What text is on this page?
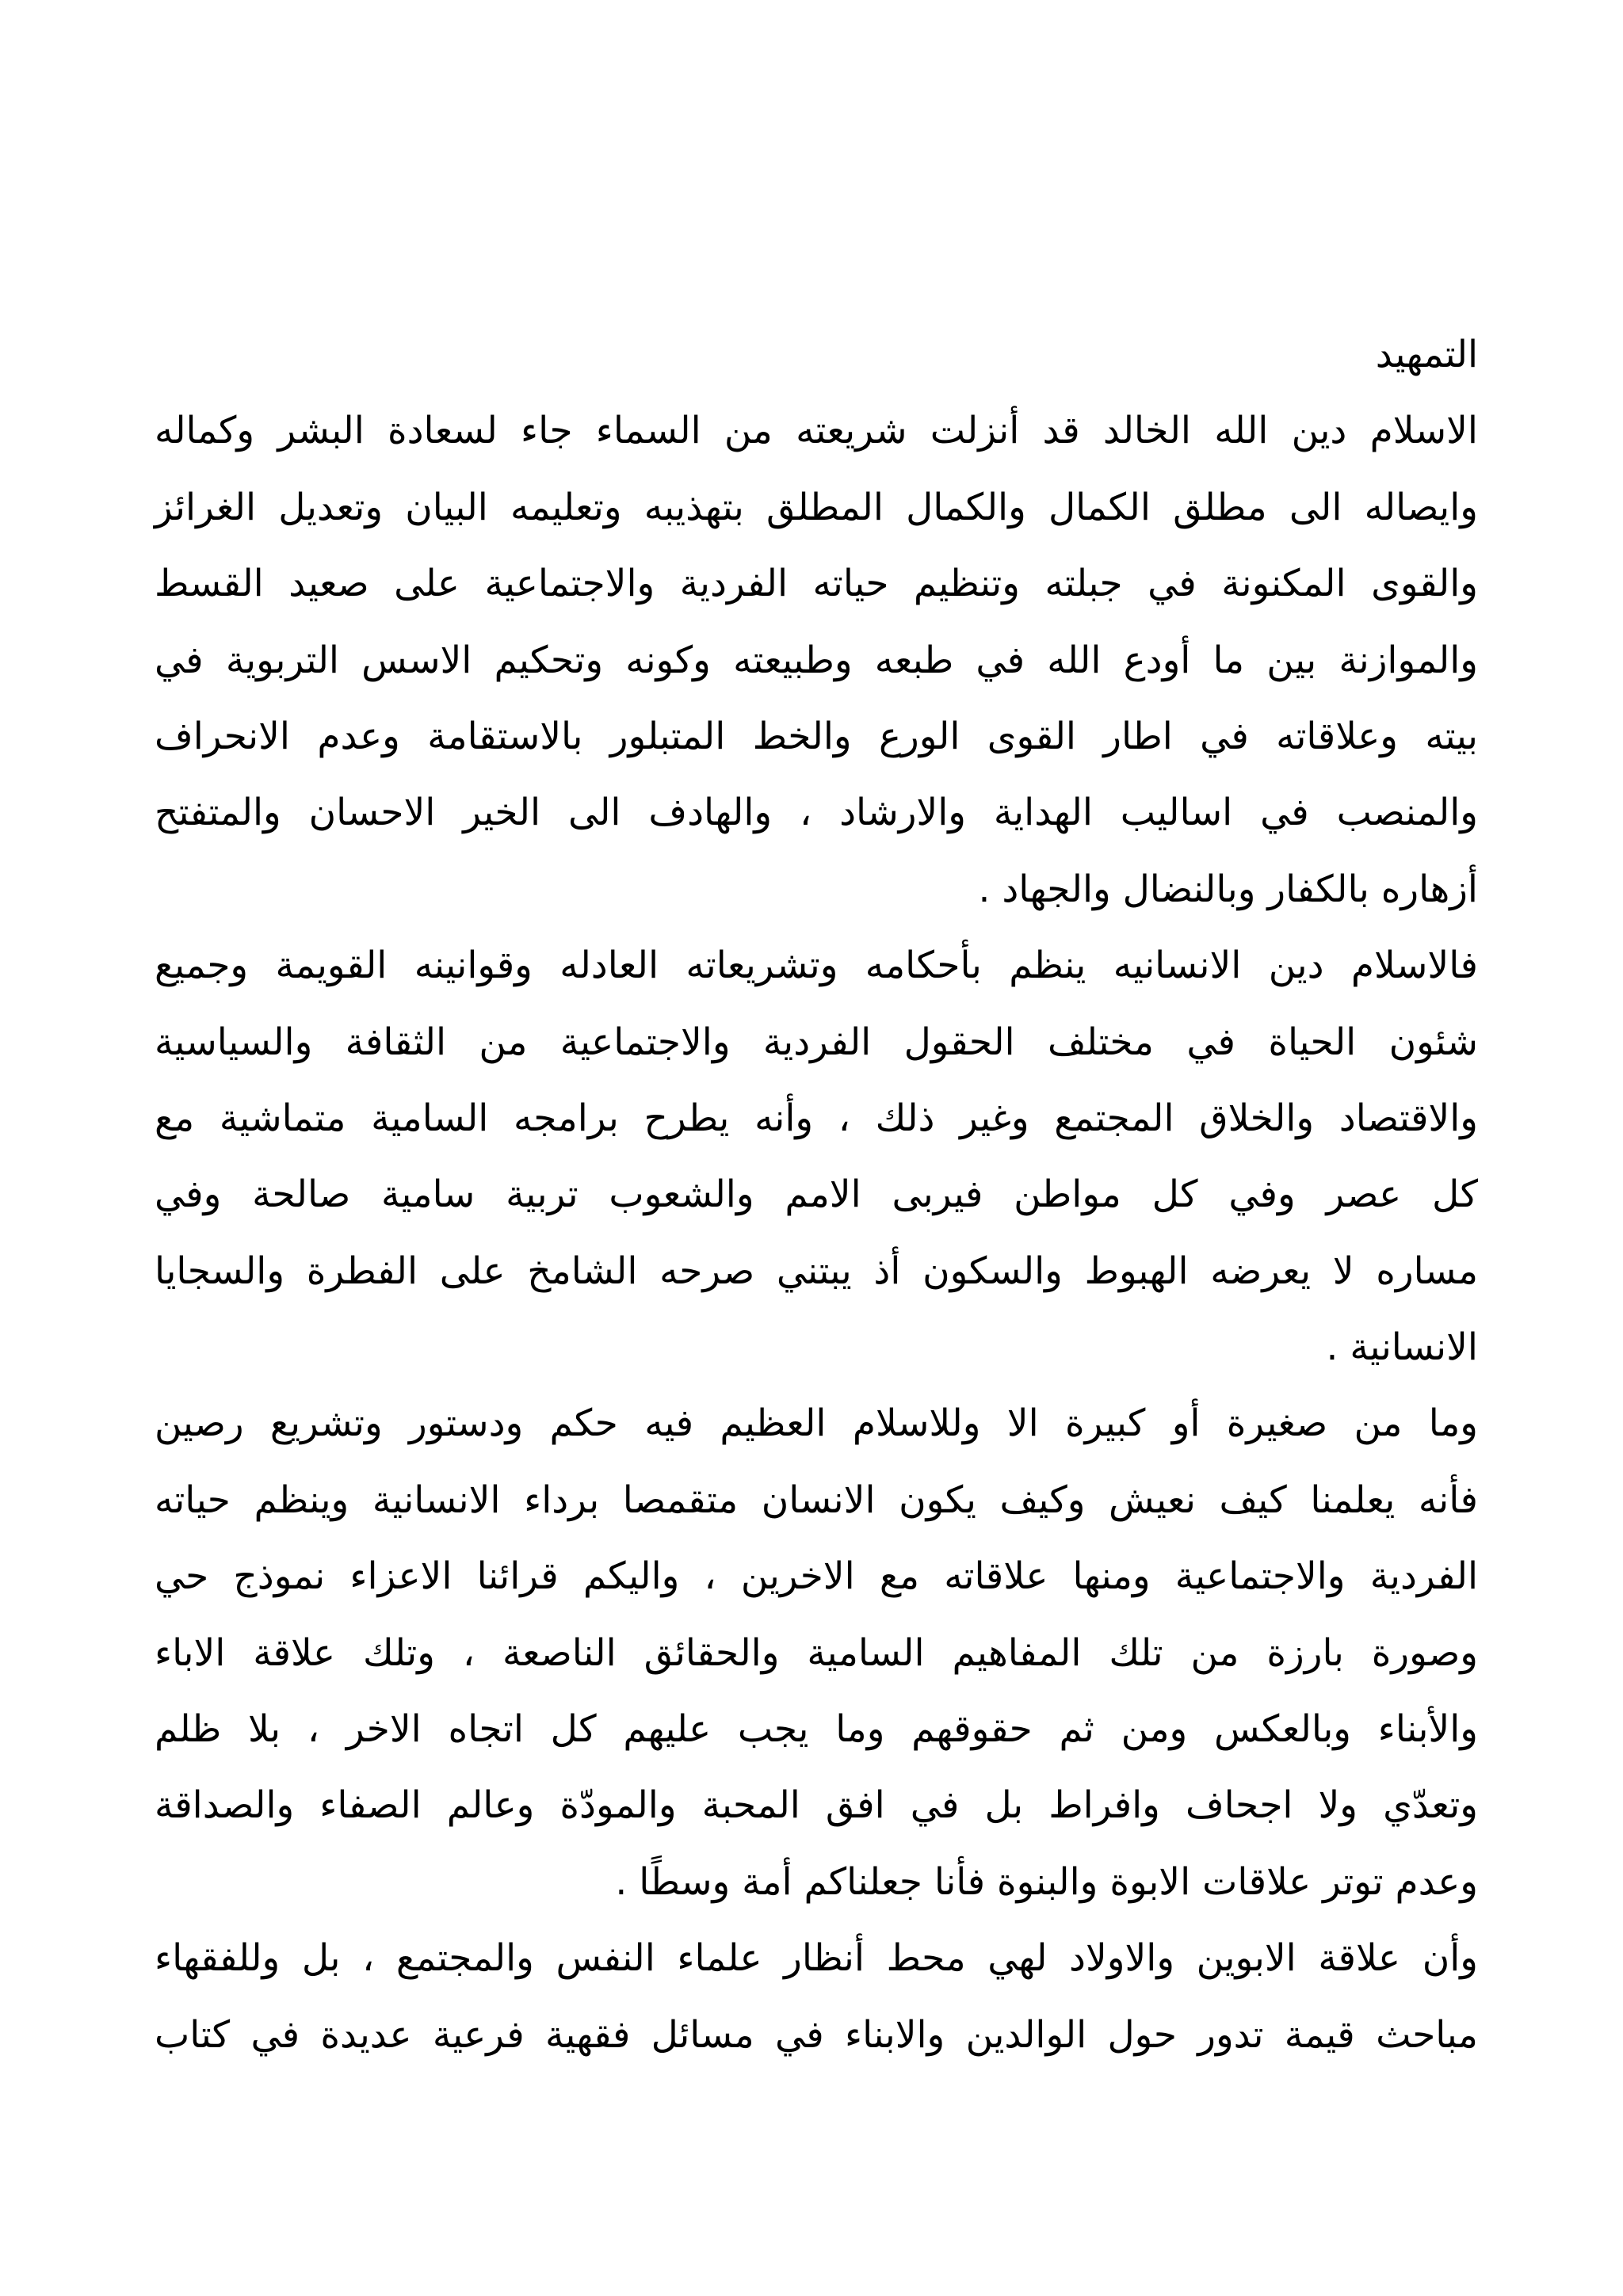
التمهيد
الاسلام دين الله الخالد قد أنزلت شريعته من السماء جاء لسعادة البشر وكماله
وايصاله الى مطلق الكمال والكمال المطلق بتهذيبه وتعليمه البيان وتعديل الغرائز
والقوى المكنونة في جبلته وتنظيم حياته الفردية والاجتماعية على صعيد القسط
والموازنة بين ما أودع الله في طبعه وطبيعته وكونه وتحكيم الاسس التربوية في
بيته وعلاقاته في اطار القوى الورع والخط المتبلور بالاستقامة وعدم الانحراف
والمنصب في اساليب الهداية والارشاد ، والهادف الى الخير الاحسان والمتفتح
أزهاره بالكفار وبالنضال والجهاد .
فالاسلام دين الانسانيه ينظم بأحكامه وتشريعاته العادله وقوانينه القويمة وجميع
شئون الحياة في مختلف الحقول الفردية والاجتماعية من الثقافة والسياسية
والاقتصاد والخلاق المجتمع وغير ذلك ، وأنه يطرح برامجه السامية متماشية مع
كل عصر وفي كل مواطن فيربى الامم والشعوب تربية سامية صالحة وفي
مساره لا يعرضه الهبوط والسكون أذ يبتني صرحه الشامخ على الفطرة والسجايا
الانسانية .
وما من صغيرة أو كبيرة الا وللاسلام العظيم فيه حكم ودستور وتشريع رصين
فأنه يعلمنا كيف نعيش وكيف يكون الانسان متقمصا برداء الانسانية وينظم حياته
الفردية والاجتماعية ومنها علاقاته مع الاخرين ، واليكم قرائنا الاعزاء نموذج حي
وصورة بارزة من تلك المفاهيم السامية والحقائق الناصعة ، وتلك علاقة الاباء
والأبناء وبالعكس ومن ثم حقوقهم وما يجب عليهم كل اتجاه الاخر ، بلا ظلم
وتعدّي ولا اجحاف وافراط بل في افق المحبة والمودّة وعالم الصفاء والصداقة
وعدم توتر علاقات الابوة والبنوة فأنا جعلناكم أمة وسطًا .
وأن علاقة الابوين والاولاد لهي محط أنظار علماء النفس والمجتمع ، بل وللفقهاء
مباحث قيمة تدور حول الوالدين والابناء في مسائل فقهية فرعية عديدة في كتاب
